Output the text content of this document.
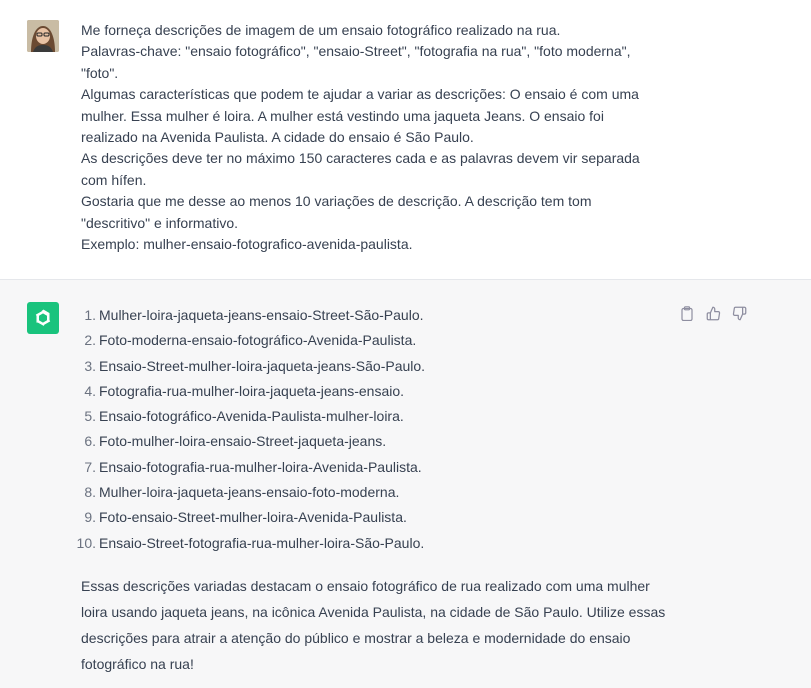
Me forneça descrições de imagem de um ensaio fotográfico realizado na rua.
Palavras-chave: "ensaio fotográfico", "ensaio-Street", "fotografia na rua", "foto moderna",
"foto".
Algumas características que podem te ajudar a variar as descrições: O ensaio é com uma
mulher. Essa mulher é loira. A mulher está vestindo uma jaqueta Jeans. O ensaio foi
realizado na Avenida Paulista. A cidade do ensaio é São Paulo.
As descrições deve ter no máximo 150 caracteres cada e as palavras devem vir separada
com hífen.
Gostaria que me desse ao menos 10 variações de descrição. A descrição tem tom
"descritivo" e informativo.
Exemplo: mulher-ensaio-fotografico-avenida-paulista.
1. Mulher-loira-jaqueta-jeans-ensaio-Street-São-Paulo.
2. Foto-moderna-ensaio-fotográfico-Avenida-Paulista.
3. Ensaio-Street-mulher-loira-jaqueta-jeans-São-Paulo.
4. Fotografia-rua-mulher-loira-jaqueta-jeans-ensaio.
5. Ensaio-fotográfico-Avenida-Paulista-mulher-loira.
6. Foto-mulher-loira-ensaio-Street-jaqueta-jeans.
7. Ensaio-fotografia-rua-mulher-loira-Avenida-Paulista.
8. Mulher-loira-jaqueta-jeans-ensaio-foto-moderna.
9. Foto-ensaio-Street-mulher-loira-Avenida-Paulista.
10. Ensaio-Street-fotografia-rua-mulher-loira-São-Paulo.
Essas descrições variadas destacam o ensaio fotográfico de rua realizado com uma mulher
loira usando jaqueta jeans, na icônica Avenida Paulista, na cidade de São Paulo. Utilize essas
descrições para atrair a atenção do público e mostrar a beleza e modernidade do ensaio
fotográfico na rua!
